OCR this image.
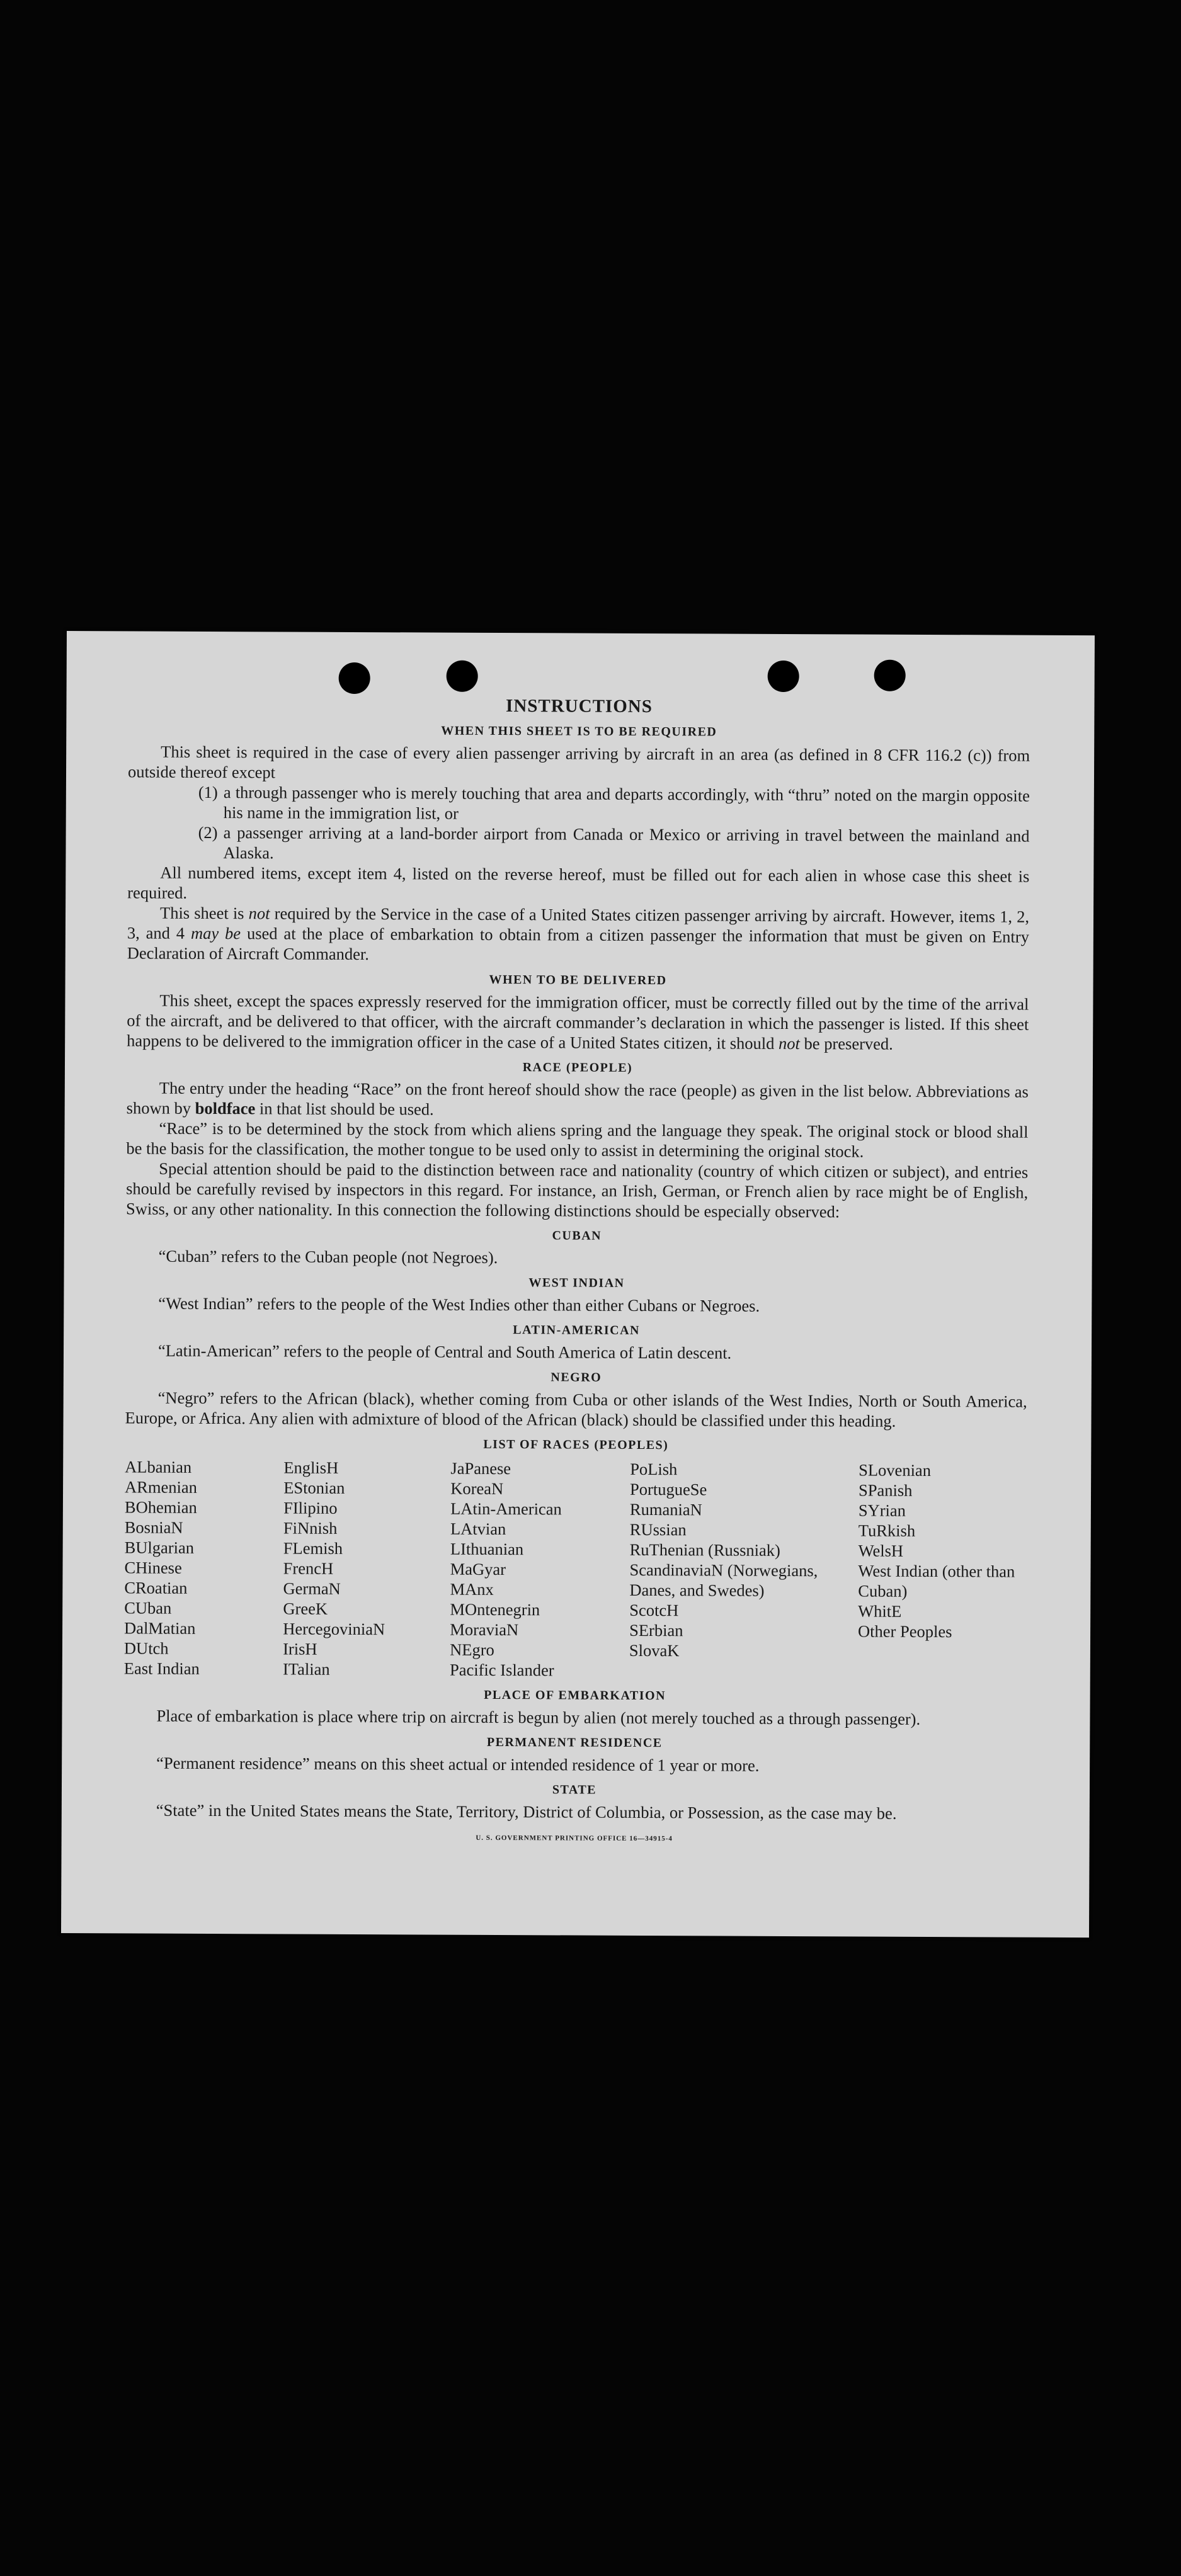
INSTRUCTIONS
WHEN THIS SHEET IS TO BE REQUIRED

This sheet is required in the case of every alien passenger arriving by aircraft in an area (as defined in 8 CFR 116.2 (c)) from outside thereof except

(1) a through passenger who is merely touching that area and departs accordingly, with “thru” noted on the margin opposite his name in the immigration list, or

(2) a passenger arriving at a land-border airport from Canada or Mexico or arriving in travel between the mainland and Alaska.

All numbered items, except item 4, listed on the reverse hereof, must be filled out for each alien in whose case this sheet is required.

This sheet is not required by the Service in the case of a United States citizen passenger arriving by aircraft. However, items 1, 2, 3, and 4 may be used at the place of embarkation to obtain from a citizen passenger the information that must be given on Entry Declaration of Aircraft Commander.

WHEN TO BE DELIVERED

This sheet, except the spaces expressly reserved for the immigration officer, must be correctly filled out by the time of the arrival of the aircraft, and be delivered to that officer, with the aircraft commander’s declaration in which the passenger is listed. If this sheet happens to be delivered to the immigration officer in the case of a United States citizen, it should not be preserved.

RACE (PEOPLE)

The entry under the heading “Race” on the front hereof should show the race (people) as given in the list below. Abbreviations as shown by boldface in that list should be used.

“Race” is to be determined by the stock from which aliens spring and the language they speak. The original stock or blood shall be the basis for the classification, the mother tongue to be used only to assist in determining the original stock.

Special attention should be paid to the distinction between race and nationality (country of which citizen or subject), and entries should be carefully revised by inspectors in this regard. For instance, an Irish, German, or French alien by race might be of English, Swiss, or any other nationality. In this connection the following distinctions should be especially observed:

CUBAN

“Cuban” refers to the Cuban people (not Negroes).

WEST INDIAN

“West Indian” refers to the people of the West Indies other than either Cubans or Negroes.

LATIN-AMERICAN

“Latin-American” refers to the people of Central and South America of Latin descent.

NEGRO

“Negro” refers to the African (black), whether coming from Cuba or other islands of the West Indies, North or South America, Europe, or Africa. Any alien with admixture of blood of the African (black) should be classified under this heading.

LIST OF RACES (PEOPLES)
ALbanian
ARmenian
BOhemian
BosniaN
BUlgarian
CHinese
CRoatian
CUban
DalMatian
DUtch
East Indian
EnglisH
EStonian
FIlipino
FiNnish
FLemish
FrencH
GermaN
GreeK
HercegoviniaN
IrisH
ITalian
JaPanese
KoreaN
LAtin-American
LAtvian
LIthuanian
MaGyar
MAnx
MOntenegrin
MoraviaN
NEgro
Pacific Islander
PoLish
PortugueSe
RumaniaN
RUssian
RuThenian (Russniak)
ScandinaviaN (Norwegians, Danes, and Swedes)
ScotcH
SErbian
SlovaK
SLovenian
SPanish
SYrian
TuRkish
WelsH
West Indian (other than Cuban)
WhitE
Other Peoples
PLACE OF EMBARKATION

Place of embarkation is place where trip on aircraft is begun by alien (not merely touched as a through passenger).

PERMANENT RESIDENCE

“Permanent residence” means on this sheet actual or intended residence of 1 year or more.

STATE

“State” in the United States means the State, Territory, District of Columbia, or Possession, as the case may be.

U. S. GOVERNMENT PRINTING OFFICE 16—34915-4
